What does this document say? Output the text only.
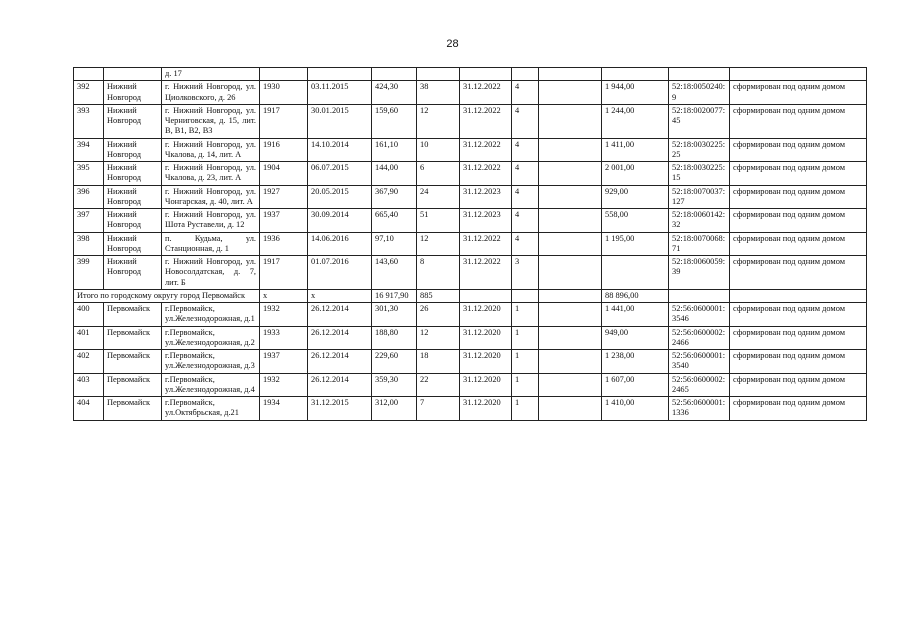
28
		д. 17										
392	Нижний Новгород	г. Нижний Новгород, ул. Циолковского, д. 26	1930	03.11.2015	424,30	38	31.12.2022	4		1 944,00	52:18:0050240:9	сформирован под одним домом
393	Нижний Новгород	г. Нижний Новгород, ул. Черниговская, д. 15, лит. В, В1, В2, В3	1917	30.01.2015	159,60	12	31.12.2022	4		1 244,00	52:18:0020077:45	сформирован под одним домом
394	Нижний Новгород	г. Нижний Новгород, ул. Чкалова, д. 14, лит. А	1916	14.10.2014	161,10	10	31.12.2022	4		1 411,00	52:18:0030225:25	сформирован под одним домом
395	Нижний Новгород	г. Нижний Новгород, ул. Чкалова, д. 23, лит. А	1904	06.07.2015	144,00	6	31.12.2022	4		2 001,00	52:18:0030225:15	сформирован под одним домом
396	Нижний Новгород	г. Нижний Новгород, ул. Чонгарская, д. 40, лит. А	1927	20.05.2015	367,90	24	31.12.2023	4		929,00	52:18:0070037:127	сформирован под одним домом
397	Нижний Новгород	г. Нижний Новгород, ул. Шота Руставели, д. 12	1937	30.09.2014	665,40	51	31.12.2023	4		558,00	52:18:0060142:32	сформирован под одним домом
398	Нижний Новгород	п. Кудьма, ул. Станционная, д. 1	1936	14.06.2016	97,10	12	31.12.2022	4		1 195,00	52:18:0070068:71	сформирован под одним домом
399	Нижний Новгород	г. Нижний Новгород, ул. Новосолдатская, д. 7, лит. Б	1917	01.07.2016	143,60	8	31.12.2022	3			52:18:0060059:39	сформирован под одним домом
Итого по городскому округу город Первомайск			х	х	16 917,90	885				88 896,00		
400	Первомайск	г.Первомайск, ул.Железнодорожная, д.1	1932	26.12.2014	301,30	26	31.12.2020	1		1 441,00	52:56:0600001:3546	сформирован под одним домом
401	Первомайск	г.Первомайск, ул.Железнодорожная, д.2	1933	26.12.2014	188,80	12	31.12.2020	1		949,00	52:56:0600002:2466	сформирован под одним домом
402	Первомайск	г.Первомайск, ул.Железнодорожная, д.3	1937	26.12.2014	229,60	18	31.12.2020	1		1 238,00	52:56:0600001:3540	сформирован под одним домом
403	Первомайск	г.Первомайск, ул.Железнодорожная, д.4	1932	26.12.2014	359,30	22	31.12.2020	1		1 607,00	52:56:0600002:2465	сформирован под одним домом
404	Первомайск	г.Первомайск, ул.Октябрьская, д.21	1934	31.12.2015	312,00	7	31.12.2020	1		1 410,00	52:56:0600001:1336	сформирован под одним домом
